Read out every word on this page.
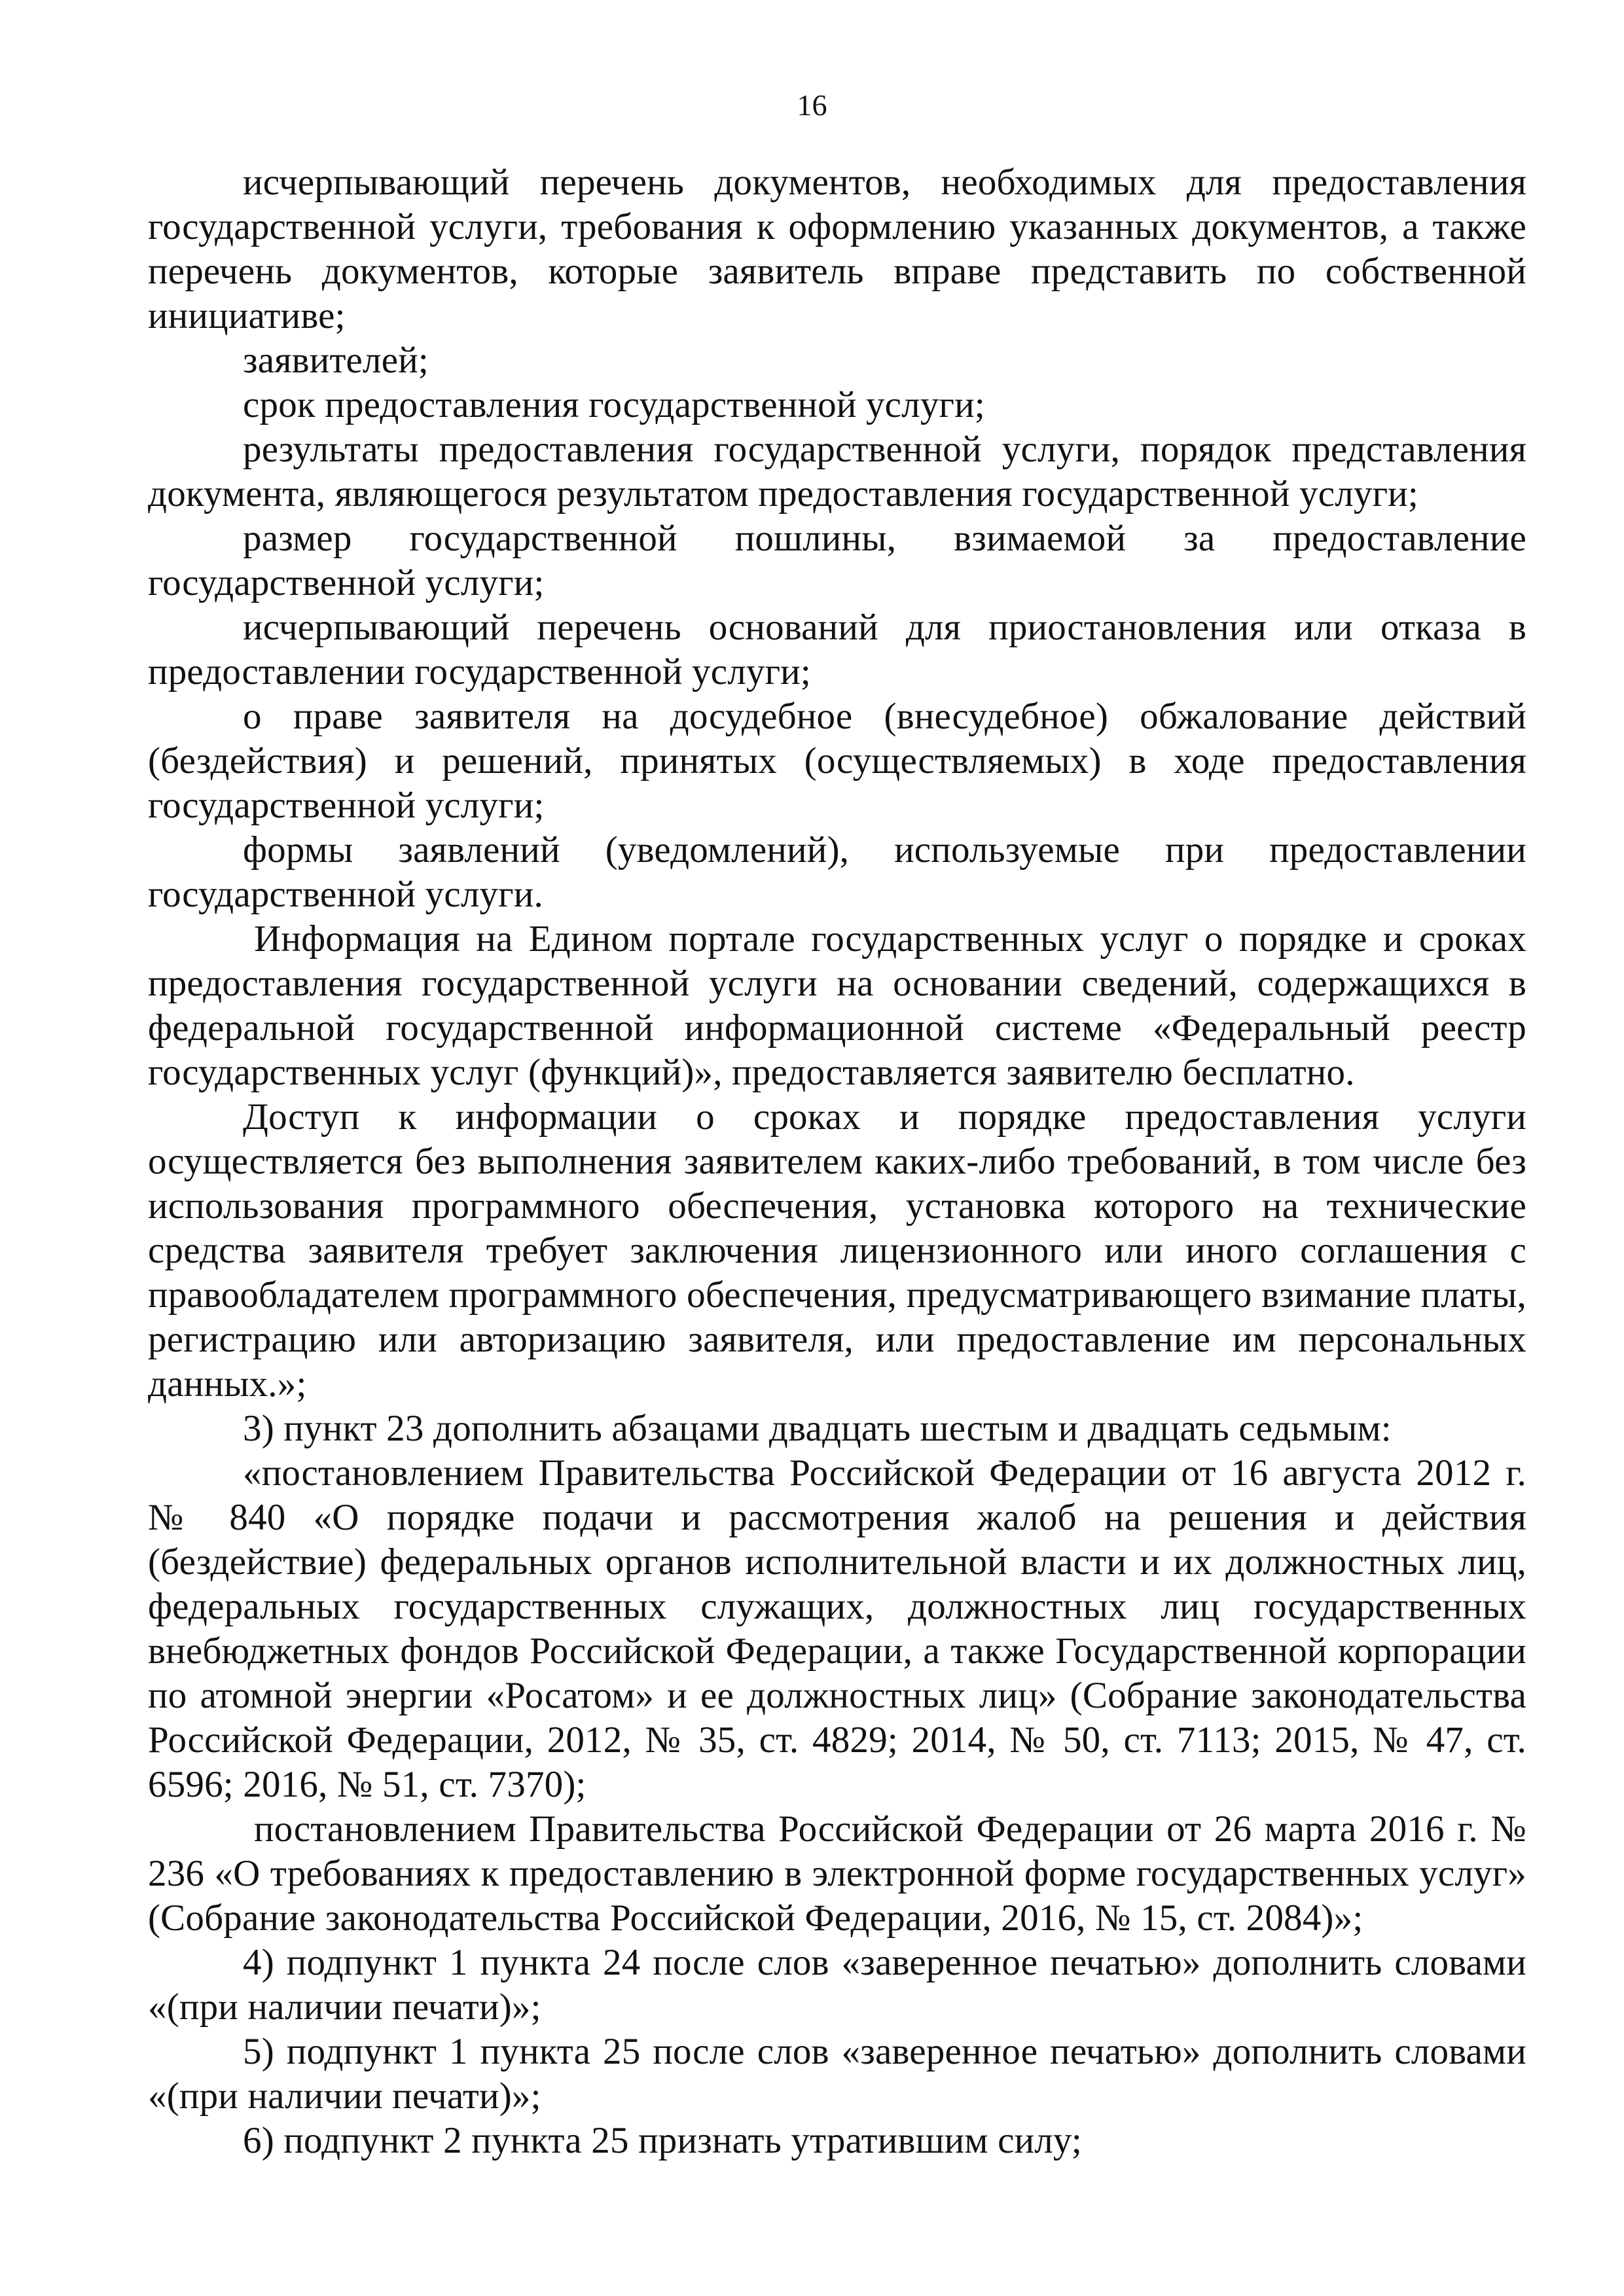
16

исчерпывающий перечень документов, необходимых для предоставления государственной услуги, требования к оформлению указанных документов, а также перечень документов, которые заявитель вправе представить по собственной инициативе;

заявителей;

срок предоставления государственной услуги;

результаты предоставления государственной услуги, порядок представления документа, являющегося результатом предоставления государственной услуги;

размер государственной пошлины, взимаемой за предоставление государственной услуги;

исчерпывающий перечень оснований для приостановления или отказа в предоставлении государственной услуги;

о праве заявителя на досудебное (внесудебное) обжалование действий (бездействия) и решений, принятых (осуществляемых) в ходе предоставления государственной услуги;

формы заявлений (уведомлений), используемые при предоставлении государственной услуги.

Информация на Едином портале государственных услуг о порядке и сроках предоставления государственной услуги на основании сведений, содержащихся в федеральной государственной информационной системе «Федеральный реестр государственных услуг (функций)», предоставляется заявителю бесплатно.

Доступ к информации о сроках и порядке предоставления услуги осуществляется без выполнения заявителем каких-либо требований, в том числе без использования программного обеспечения, установка которого на технические средства заявителя требует заключения лицензионного или иного соглашения с правообладателем программного обеспечения, предусматривающего взимание платы, регистрацию или авторизацию заявителя, или предоставление им персональных данных.»;

3) пункт 23 дополнить абзацами двадцать шестым и двадцать седьмым:

«постановлением Правительства Российской Федерации от 16 августа 2012 г. № 840 «О порядке подачи и рассмотрения жалоб на решения и действия (бездействие) федеральных органов исполнительной власти и их должностных лиц, федеральных государственных служащих, должностных лиц государственных внебюджетных фондов Российской Федерации, а также Государственной корпорации по атомной энергии «Росатом» и ее должностных лиц» (Собрание законодательства Российской Федерации, 2012, № 35, ст. 4829; 2014, № 50, ст. 7113; 2015, № 47, ст. 6596; 2016, № 51, ст. 7370);

постановлением Правительства Российской Федерации от 26 марта 2016 г. № 236 «О требованиях к предоставлению в электронной форме государственных услуг» (Собрание законодательства Российской Федерации, 2016, № 15, ст. 2084)»;

4) подпункт 1 пункта 24 после слов «заверенное печатью» дополнить словами «(при наличии печати)»;

5) подпункт 1 пункта 25 после слов «заверенное печатью» дополнить словами «(при наличии печати)»;

6) подпункт 2 пункта 25 признать утратившим силу;
